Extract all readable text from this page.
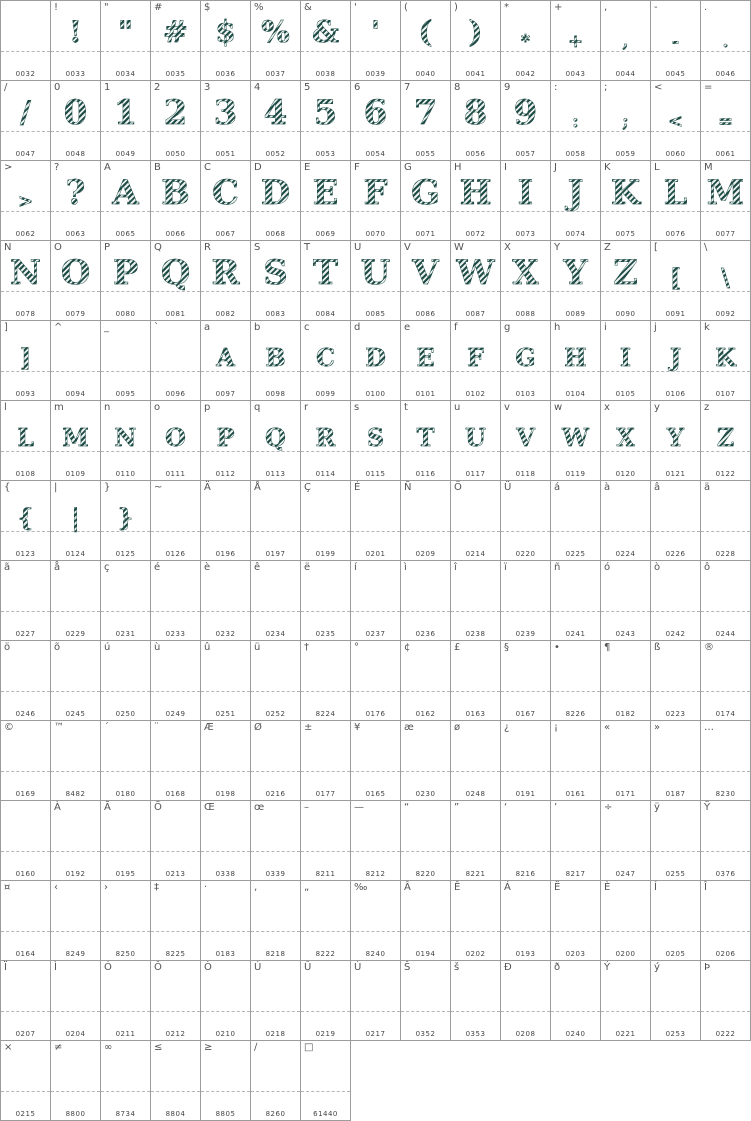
0032
!
!
0033
"
"
0034
#
#
0035
$
$
0036
%
%
0037
&
&
0038
'
'
0039
(
(
0040
)
)
0041
*
*
0042
+
+
0043
,
,
0044
-
-
0045
.
.
0046
/
/
0047
0
0
0048
1
1
0049
2
2
0050
3
3
0051
4
4
0052
5
5
0053
6
6
0054
7
7
0055
8
8
0056
9
9
0057
:
:
0058
;
;
0059
<
<
0060
=
=
0061
>
>
0062
?
?
0063
A
A
0065
B
B
0066
C
C
0067
D
D
0068
E
E
0069
F
F
0070
G
G
0071
H
H
0072
I
I
0073
J
J
0074
K
K
0075
L
L
0076
M
M
0077
N
N
0078
O
O
0079
P
P
0080
Q
Q
0081
R
R
0082
S
S
0083
T
T
0084
U
U
0085
V
V
0086
W
W
0087
X
X
0088
Y
Y
0089
Z
Z
0090
[
[
0091
\
\
0092
]
]
0093
^
0094
_
0095
`
0096
a
A
0097
b
B
0098
c
C
0099
d
D
0100
e
E
0101
f
F
0102
g
G
0103
h
H
0104
i
I
0105
j
J
0106
k
K
0107
l
L
0108
m
M
0109
n
N
0110
o
O
0111
p
P
0112
q
Q
0113
r
R
0114
s
S
0115
t
T
0116
u
U
0117
v
V
0118
w
W
0119
x
X
0120
y
Y
0121
z
Z
0122
{
{
0123
|
|
0124
}
}
0125
~
0126
Ä
0196
Å
0197
Ç
0199
É
0201
Ñ
0209
Ö
0214
Ü
0220
á
0225
à
0224
â
0226
ä
0228
ã
0227
å
0229
ç
0231
é
0233
è
0232
ê
0234
ë
0235
í
0237
ì
0236
î
0238
ï
0239
ñ
0241
ó
0243
ò
0242
ô
0244
ö
0246
õ
0245
ú
0250
ù
0249
û
0251
ü
0252
†
8224
°
0176
¢
0162
£
0163
§
0167
•
8226
¶
0182
ß
0223
®
0174
©
0169
™
8482
´
0180
¨
0168
Æ
0198
Ø
0216
±
0177
¥
0165
æ
0230
ø
0248
¿
0191
¡
0161
«
0171
»
0187
…
8230
0160
À
0192
Ã
0195
Õ
0213
Œ
0338
œ
0339
–
8211
—
8212
“
8220
”
8221
‘
8216
’
8217
÷
0247
ÿ
0255
Ÿ
0376
¤
0164
‹
8249
›
8250
‡
8225
·
0183
‚
8218
„
8222
‰
8240
Â
0194
Ê
0202
Á
0193
Ë
0203
È
0200
Í
0205
Î
0206
Ï
0207
Ì
0204
Ó
0211
Ô
0212
Ò
0210
Ú
0218
Û
0219
Ù
0217
Š
0352
š
0353
Ð
0208
ð
0240
Ý
0221
ý
0253
Þ
0222
×
0215
≠
8800
∞
8734
≤
8804
≥
8805
∕
8260
□
61440
